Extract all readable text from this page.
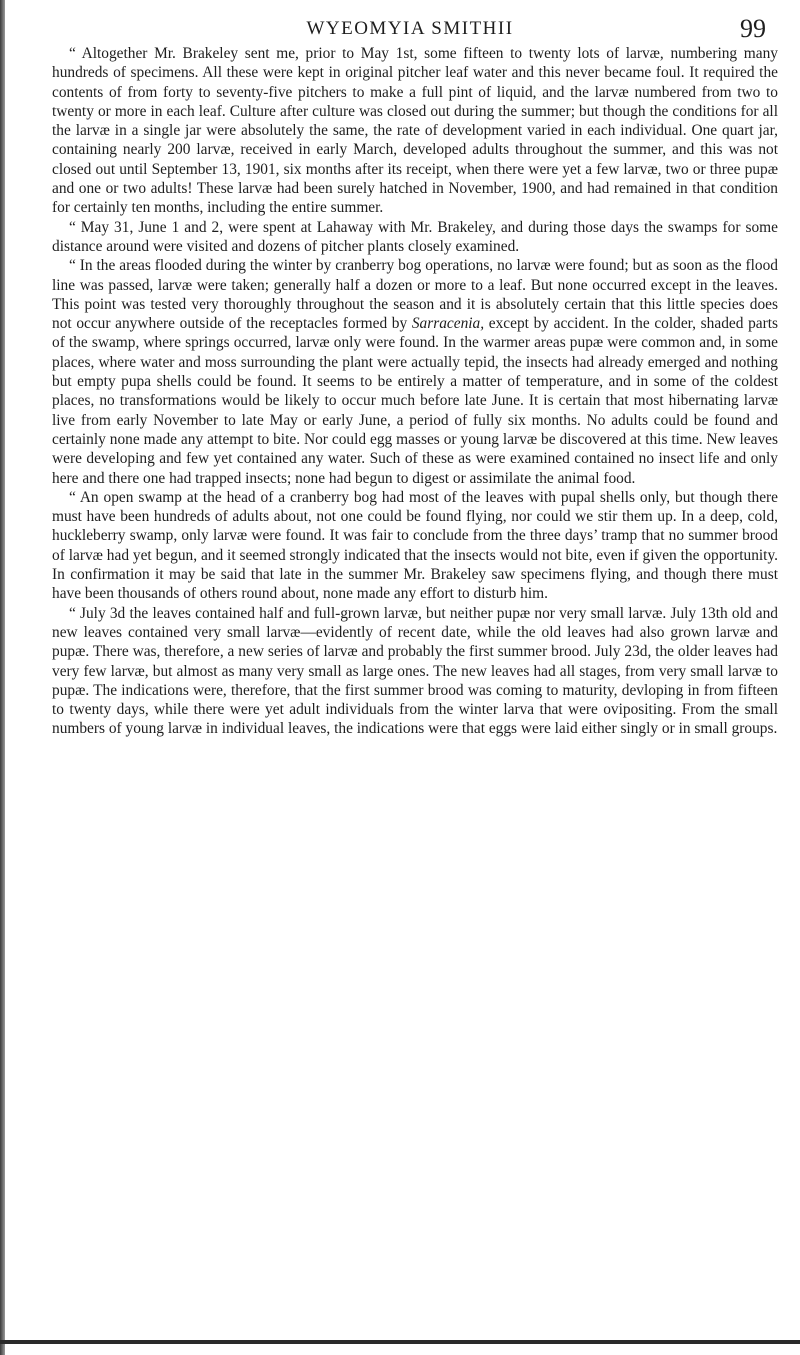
WYEOMYIA SMITHII	99

“ Altogether Mr. Brakeley sent me, prior to May 1st, some fifteen to twenty lots of larvæ, numbering many hundreds of specimens. All these were kept in original pitcher leaf water and this never became foul. It required the contents of from forty to seventy-five pitchers to make a full pint of liquid, and the larvæ numbered from two to twenty or more in each leaf. Culture after culture was closed out during the summer; but though the conditions for all the larvæ in a single jar were absolutely the same, the rate of development varied in each individual. One quart jar, containing nearly 200 larvæ, received in early March, developed adults throughout the summer, and this was not closed out until September 13, 1901, six months after its receipt, when there were yet a few larvæ, two or three pupæ and one or two adults! These larvæ had been surely hatched in November, 1900, and had remained in that condition for certainly ten months, including the entire summer.

“ May 31, June 1 and 2, were spent at Lahaway with Mr. Brakeley, and during those days the swamps for some distance around were visited and dozens of pitcher plants closely examined.

“ In the areas flooded during the winter by cranberry bog operations, no larvæ were found; but as soon as the flood line was passed, larvæ were taken; generally half a dozen or more to a leaf. But none occurred except in the leaves. This point was tested very thoroughly throughout the season and it is absolutely certain that this little species does not occur anywhere outside of the receptacles formed by Sarracenia, except by accident. In the colder, shaded parts of the swamp, where springs occurred, larvæ only were found. In the warmer areas pupæ were common and, in some places, where water and moss surrounding the plant were actually tepid, the insects had already emerged and nothing but empty pupa shells could be found. It seems to be entirely a matter of temperature, and in some of the coldest places, no transformations would be likely to occur much before late June. It is certain that most hibernating larvæ live from early November to late May or early June, a period of fully six months. No adults could be found and certainly none made any attempt to bite. Nor could egg masses or young larvæ be discovered at this time. New leaves were developing and few yet contained any water. Such of these as were examined contained no insect life and only here and there one had trapped insects; none had begun to digest or assimilate the animal food.

“ An open swamp at the head of a cranberry bog had most of the leaves with pupal shells only, but though there must have been hundreds of adults about, not one could be found flying, nor could we stir them up. In a deep, cold, huckleberry swamp, only larvæ were found. It was fair to conclude from the three days’ tramp that no summer brood of larvæ had yet begun, and it seemed strongly indicated that the insects would not bite, even if given the opportunity. In confirmation it may be said that late in the summer Mr. Brakeley saw specimens flying, and though there must have been thousands of others round about, none made any effort to disturb him.

“ July 3d the leaves contained half and full-grown larvæ, but neither pupæ nor very small larvæ. July 13th old and new leaves contained very small larvæ—evidently of recent date, while the old leaves had also grown larvæ and pupæ. There was, therefore, a new series of larvæ and probably the first summer brood. July 23d, the older leaves had very few larvæ, but almost as many very small as large ones. The new leaves had all stages, from very small larvæ to pupæ. The indications were, therefore, that the first summer brood was coming to maturity, devloping in from fifteen to twenty days, while there were yet adult individuals from the winter larva that were ovipositing. From the small numbers of young larvæ in individual leaves, the indications were that eggs were laid either singly or in small groups.
